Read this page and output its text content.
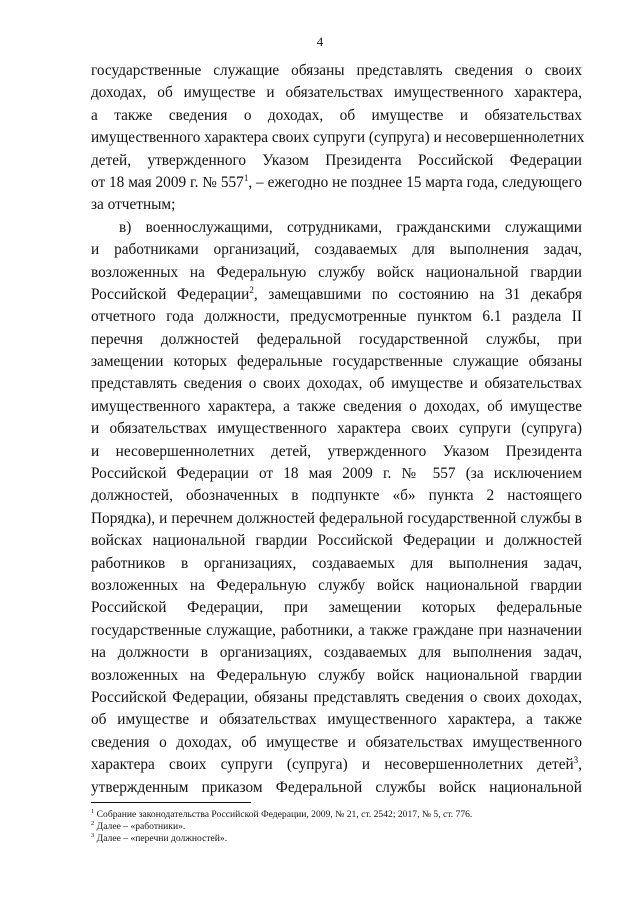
4
государственные служащие обязаны представлять сведения о своих
доходах, об имуществе и обязательствах имущественного характера,
а также сведения о доходах, об имуществе и обязательствах
имущественного характера своих супруги (супруга) и несовершеннолетних
детей, утвержденного Указом Президента Российской Федерации
от 18 мая 2009 г. № $557^1$, – ежегодно не позднее 15 марта года, следующего
за отчетным;
в) военнослужащими, сотрудниками, гражданскими служащими
и работниками организаций, создаваемых для выполнения задач,
возложенных на Федеральную службу войск национальной гвардии
Российской Федерации$^2$, замещавшими по состоянию на 31 декабря
отчетного года должности, предусмотренные пунктом 6.1 раздела II
перечня должностей федеральной государственной службы, при
замещении которых федеральные государственные служащие обязаны
представлять сведения о своих доходах, об имуществе и обязательствах
имущественного характера, а также сведения о доходах, об имуществе
и обязательствах имущественного характера своих супруги (супруга)
и несовершеннолетних детей, утвержденного Указом Президента
Российской Федерации от 18 мая 2009 г. № 557 (за исключением
должностей, обозначенных в подпункте «б» пункта 2 настоящего
Порядка), и перечнем должностей федеральной государственной службы в
войсках национальной гвардии Российской Федерации и должностей
работников в организациях, создаваемых для выполнения задач,
возложенных на Федеральную службу войск национальной гвардии
Российской Федерации, при замещении которых федеральные
государственные служащие, работники, а также граждане при назначении
на должности в организациях, создаваемых для выполнения задач,
возложенных на Федеральную службу войск национальной гвардии
Российской Федерации, обязаны представлять сведения о своих доходах,
об имуществе и обязательствах имущественного характера, а также
сведения о доходах, об имуществе и обязательствах имущественного
характера своих супруги (супруга) и несовершеннолетних детей$^3$,
утвержденным приказом Федеральной службы войск национальной
$^1$ Собрание законодательства Российской Федерации, 2009, № 21, ст. 2542; 2017, № 5, ст. 776.
$^2$ Далее – «работники».
$^3$ Далее – «перечни должностей».
